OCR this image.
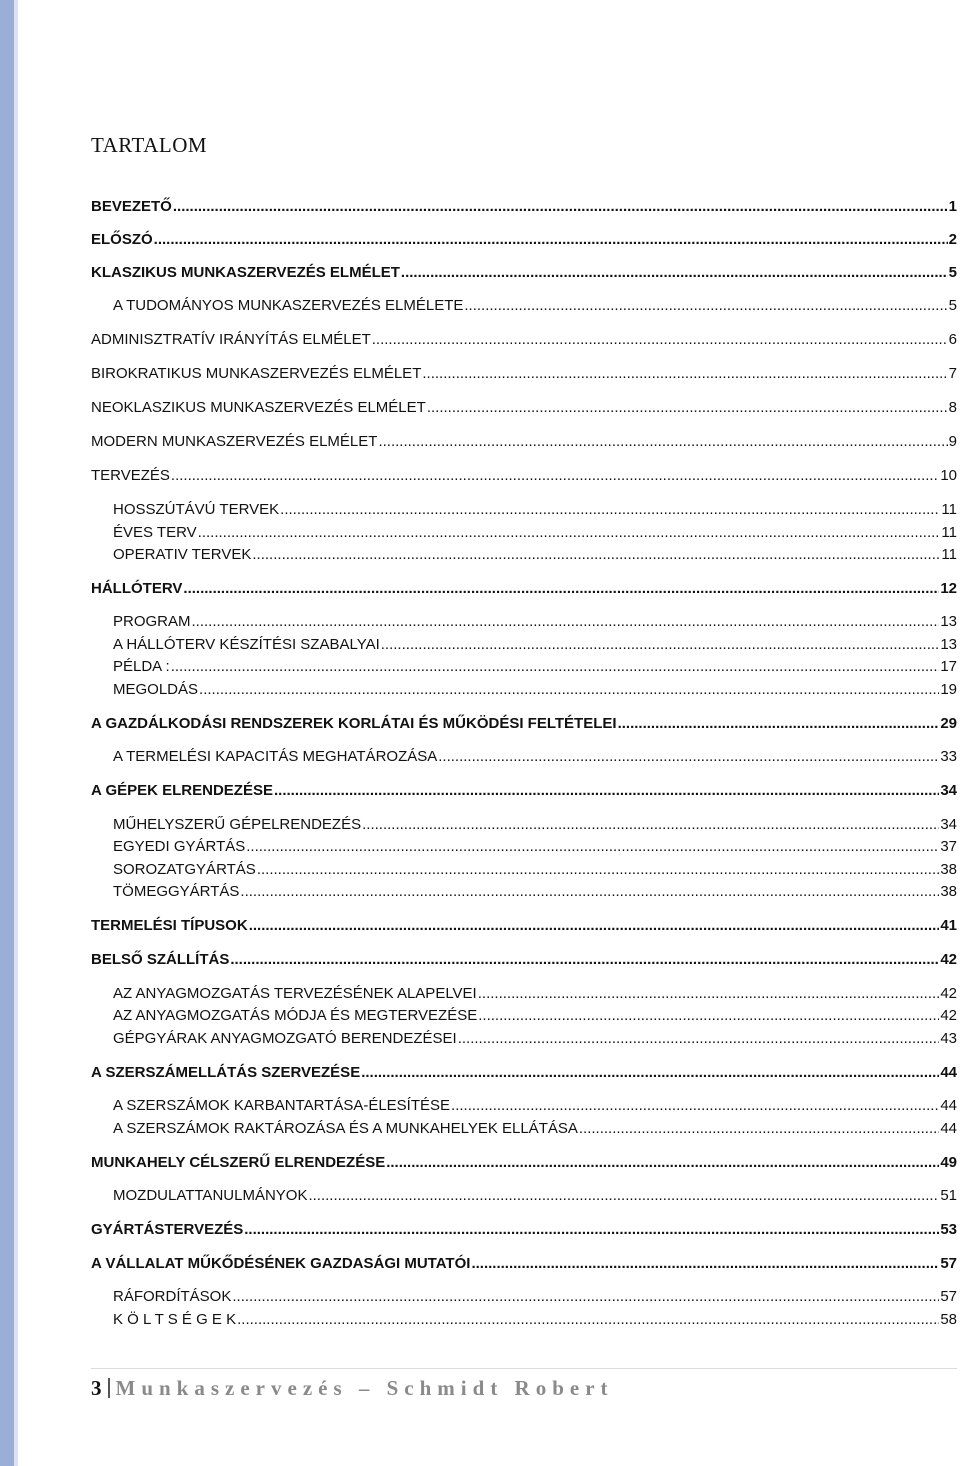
TARTALOM
BEVEZETŐ .....	1
ELŐSZÓ .....	2
KLASZIKUS MUNKASZERVEZÉS ELMÉLET .....	5
A TUDOMÁNYOS MUNKASZERVEZÉS ELMÉLETE .....	5
ADMINISZTRATÍV IRÁNYÍTÁS ELMÉLET .....	6
BIROKRATIKUS MUNKASZERVEZÉS ELMÉLET .....	7
NEOKLASZIKUS MUNKASZERVEZÉS ELMÉLET .....	8
MODERN MUNKASZERVEZÉS ELMÉLET .....	9
TERVEZÉS .....	10
HOSSZÚTÁVÚ TERVEK .....	11
ÉVES TERV .....	11
OPERATIV TERVEK .....	11
HÁLLÓTERV .....	12
PROGRAM .....	13
A HÁLLÓTERV KÉSZÍTÉSI SZABALYAI .....	13
PÉLDA : .....	17
MEGOLDÁS .....	19
A GAZDÁLKODÁSI RENDSZEREK KORLÁTAI ÉS MŰKÖDÉSI FELTÉTELEI .....	29
A TERMELÉSI KAPACITÁS MEGHATÁROZÁSA .....	33
A GÉPEK ELRENDEZÉSE .....	34
MŰHELYSZERŰ GÉPELRENDEZÉS .....	34
EGYEDI GYÁRTÁS .....	37
SOROZATGYÁRTÁS .....	38
TÖMEGGYÁRTÁS .....	38
TERMELÉSI TÍPUSOK .....	41
BELSŐ SZÁLLÍTÁS .....	42
AZ ANYAGMOZGATÁS TERVEZÉSÉNEK ALAPELVEI .....	42
AZ ANYAGMOZGATÁS MÓDJA ÉS MEGTERVEZÉSE .....	42
GÉPGYÁRAK ANYAGMOZGATÓ BERENDEZÉSEI .....	43
A SZERSZÁMELLÁTÁS SZERVEZÉSE .....	44
A SZERSZÁMOK KARBANTARTÁSA-ÉLESÍTÉSE .....	44
A SZERSZÁMOK RAKTÁROZÁSA ÉS A MUNKAHELYEK ELLÁTÁSA .....	44
MUNKAHELY CÉLSZERŰ ELRENDEZÉSE .....	49
MOZDULATTANULMÁNYOK .....	51
GYÁRTÁSTERVEZÉS .....	53
A VÁLLALAT MŰKŐDÉSÉNEK GAZDASÁGI MUTATÓI .....	57
RÁFORDÍTÁSOK .....	57
K Ö L T S É G E K .....	58
3 Munkaszervezés – Schmidt Robert
